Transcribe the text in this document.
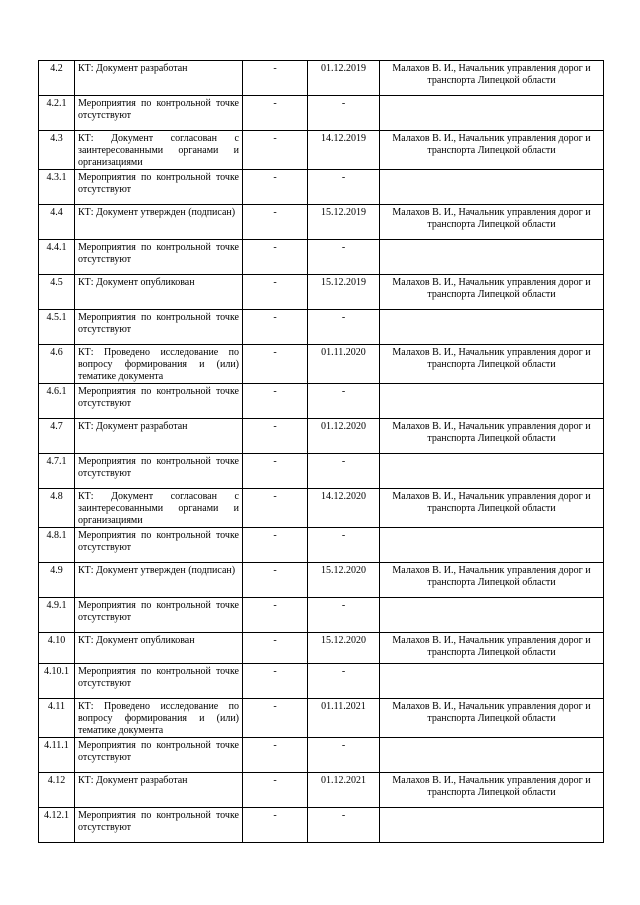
4.2	КТ: Документ разработан	-	01.12.2019	Малахов В. И., Начальник управления дорог и транспорта Липецкой области
4.2.1	Мероприятия по контрольной точке отсутствуют	-	-	
4.3	КТ: Документ согласован с заинтересованными органами и организациями	-	14.12.2019	Малахов В. И., Начальник управления дорог и транспорта Липецкой области
4.3.1	Мероприятия по контрольной точке отсутствуют	-	-	
4.4	КТ: Документ утвержден (подписан)	-	15.12.2019	Малахов В. И., Начальник управления дорог и транспорта Липецкой области
4.4.1	Мероприятия по контрольной точке отсутствуют	-	-	
4.5	КТ: Документ опубликован	-	15.12.2019	Малахов В. И., Начальник управления дорог и транспорта Липецкой области
4.5.1	Мероприятия по контрольной точке отсутствуют	-	-	
4.6	КТ: Проведено исследование по вопросу формирования и (или) тематике документа	-	01.11.2020	Малахов В. И., Начальник управления дорог и транспорта Липецкой области
4.6.1	Мероприятия по контрольной точке отсутствуют	-	-	
4.7	КТ: Документ разработан	-	01.12.2020	Малахов В. И., Начальник управления дорог и транспорта Липецкой области
4.7.1	Мероприятия по контрольной точке отсутствуют	-	-	
4.8	КТ: Документ согласован с заинтересованными органами и организациями	-	14.12.2020	Малахов В. И., Начальник управления дорог и транспорта Липецкой области
4.8.1	Мероприятия по контрольной точке отсутствуют	-	-	
4.9	КТ: Документ утвержден (подписан)	-	15.12.2020	Малахов В. И., Начальник управления дорог и транспорта Липецкой области
4.9.1	Мероприятия по контрольной точке отсутствуют	-	-	
4.10	КТ: Документ опубликован	-	15.12.2020	Малахов В. И., Начальник управления дорог и транспорта Липецкой области
4.10.1	Мероприятия по контрольной точке отсутствуют	-	-	
4.11	КТ: Проведено исследование по вопросу формирования и (или) тематике документа	-	01.11.2021	Малахов В. И., Начальник управления дорог и транспорта Липецкой области
4.11.1	Мероприятия по контрольной точке отсутствуют	-	-	
4.12	КТ: Документ разработан	-	01.12.2021	Малахов В. И., Начальник управления дорог и транспорта Липецкой области
4.12.1	Мероприятия по контрольной точке отсутствуют	-	-	
